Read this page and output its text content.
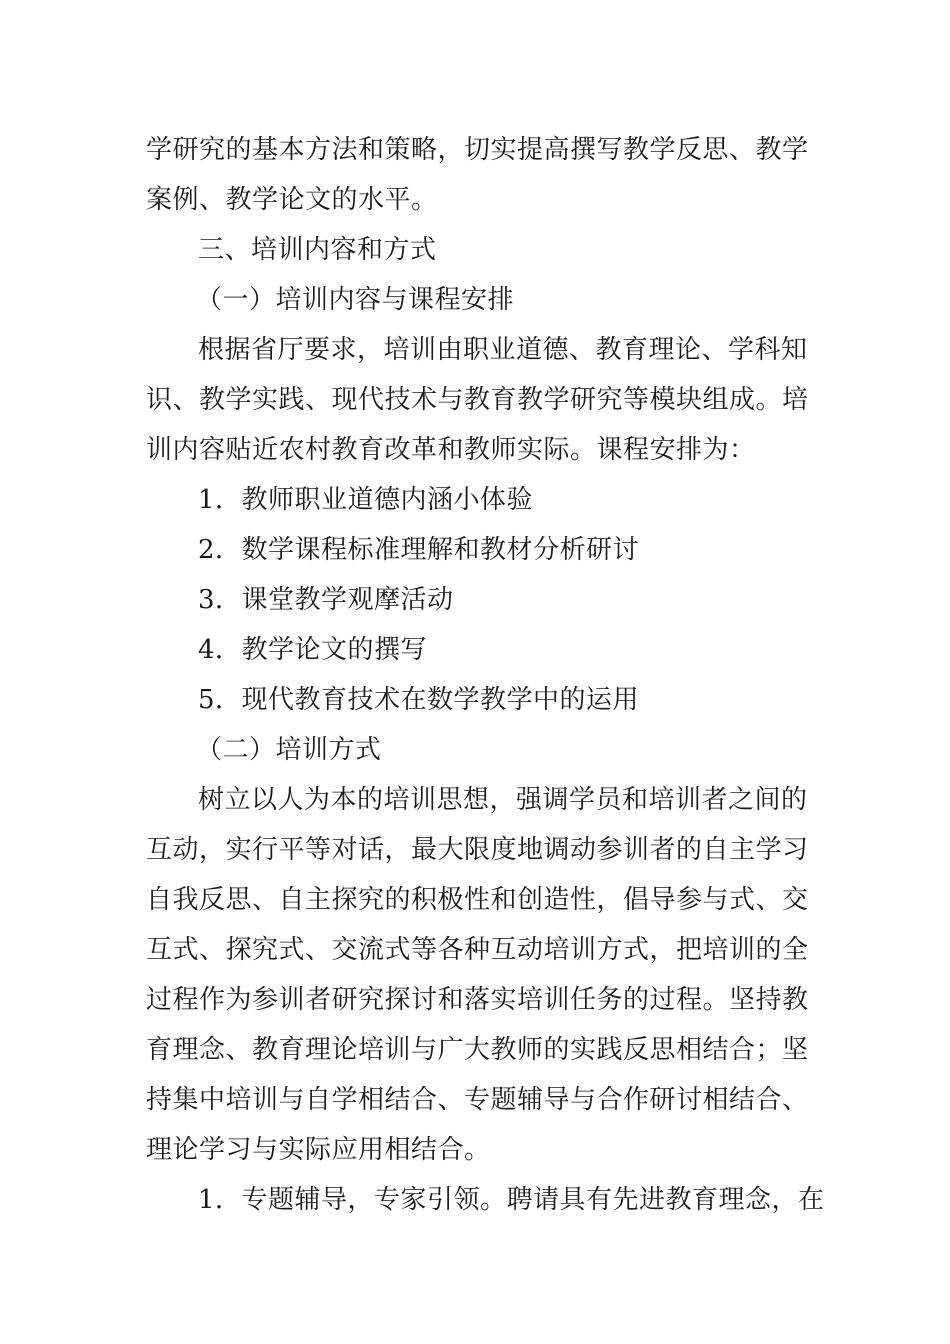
学研究的基本方法和策略，切实提高撰写教学反思、教学
案例、教学论文的水平。
三、培训内容和方式
（一）培训内容与课程安排
根据省厅要求，培训由职业道德、教育理论、学科知
识、教学实践、现代技术与教育教学研究等模块组成。培
训内容贴近农村教育改革和教师实际。课程安排为：
1．教师职业道德内涵小体验
2．数学课程标准理解和教材分析研讨
3．课堂教学观摩活动
4．教学论文的撰写
5．现代教育技术在数学教学中的运用
（二）培训方式
树立以人为本的培训思想，强调学员和培训者之间的
互动，实行平等对话，最大限度地调动参训者的自主学习
自我反思、自主探究的积极性和创造性，倡导参与式、交
互式、探究式、交流式等各种互动培训方式，把培训的全
过程作为参训者研究探讨和落实培训任务的过程。坚持教
育理念、教育理论培训与广大教师的实践反思相结合；坚
持集中培训与自学相结合、专题辅导与合作研讨相结合、
理论学习与实际应用相结合。
1．专题辅导，专家引领。聘请具有先进教育理念，在
